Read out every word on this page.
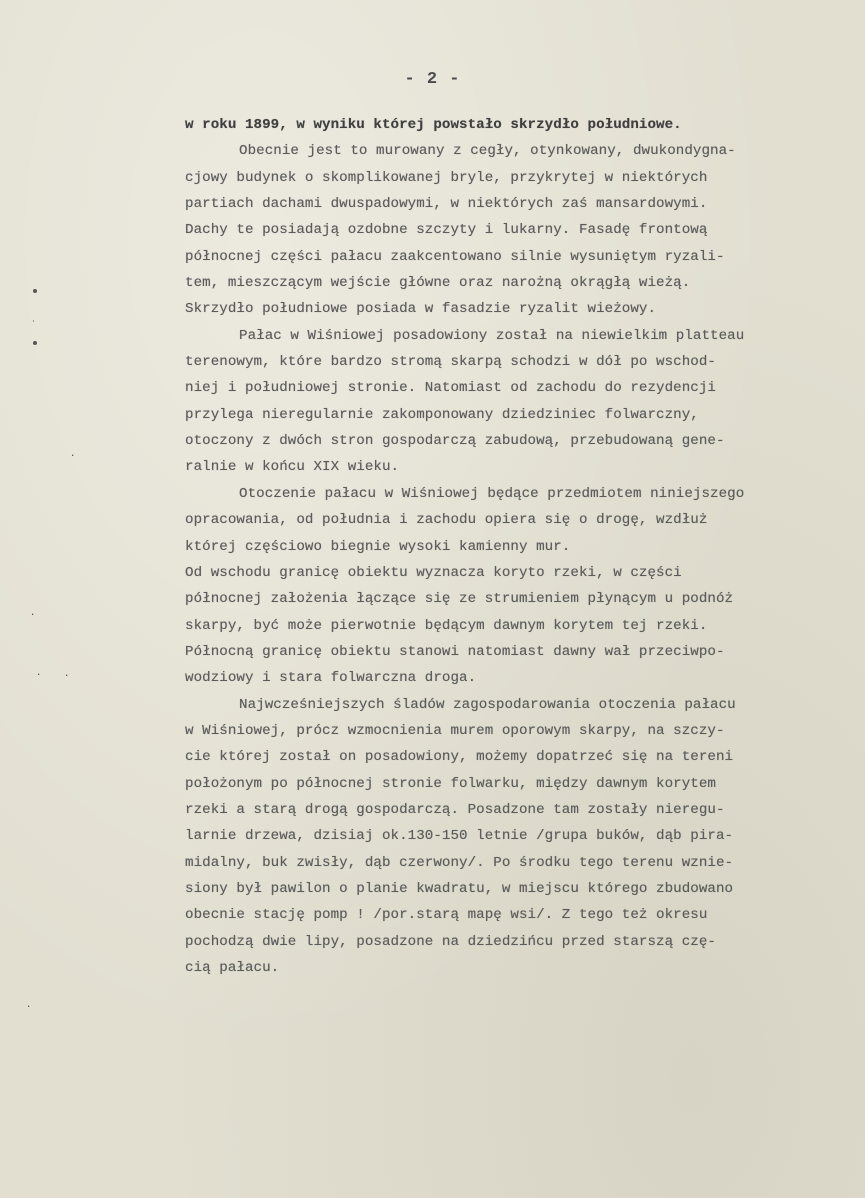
- 2 -
⸒
·
·
·	·
·
w roku 1899, w wyniku której powstało skrzydło południowe.
Obecnie jest to murowany z cegły, otynkowany, dwukondygna-
cjowy budynek o skomplikowanej bryle, przykrytej w niektórych
partiach dachami dwuspadowymi, w niektórych zaś mansardowymi.
Dachy te posiadają ozdobne szczyty i lukarny. Fasadę frontową
północnej części pałacu zaakcentowano silnie wysuniętym ryzali-
tem, mieszczącym wejście główne oraz narożną okrągłą wieżą.
Skrzydło południowe posiada w fasadzie ryzalit wieżowy.
Pałac w Wiśniowej posadowiony został na niewielkim platteau
terenowym, które bardzo stromą skarpą schodzi w dół po wschod-
niej i południowej stronie. Natomiast od zachodu do rezydencji
przylega nieregularnie zakomponowany dziedziniec folwarczny,
otoczony z dwóch stron gospodarczą zabudową, przebudowaną gene-
ralnie w końcu XIX wieku.
Otoczenie pałacu w Wiśniowej będące przedmiotem niniejszego
opracowania, od południa i zachodu opiera się o drogę, wzdłuż
której częściowo biegnie wysoki kamienny mur.
Od wschodu granicę obiektu wyznacza koryto rzeki, w części
północnej założenia łączące się ze strumieniem płynącym u podnóż
skarpy, być może pierwotnie będącym dawnym korytem tej rzeki.
Północną granicę obiektu stanowi natomiast dawny wał przeciwpo-
wodziowy i stara folwarczna droga.
Najwcześniejszych śladów zagospodarowania otoczenia pałacu
w Wiśniowej, prócz wzmocnienia murem oporowym skarpy, na szczy-
cie której został on posadowiony, możemy dopatrzeć się na tereni
położonym po północnej stronie folwarku, między dawnym korytem
rzeki a starą drogą gospodarczą. Posadzone tam zostały nieregu-
larnie drzewa, dzisiaj ok.130-150 letnie /grupa buków, dąb pira-
midalny, buk zwisły, dąb czerwony/. Po środku tego terenu wznie-
siony był pawilon o planie kwadratu, w miejscu którego zbudowano
obecnie stację pomp ! /por.starą mapę wsi/. Z tego też okresu
pochodzą dwie lipy, posadzone na dziedzińcu przed starszą czę-
cią pałacu.
